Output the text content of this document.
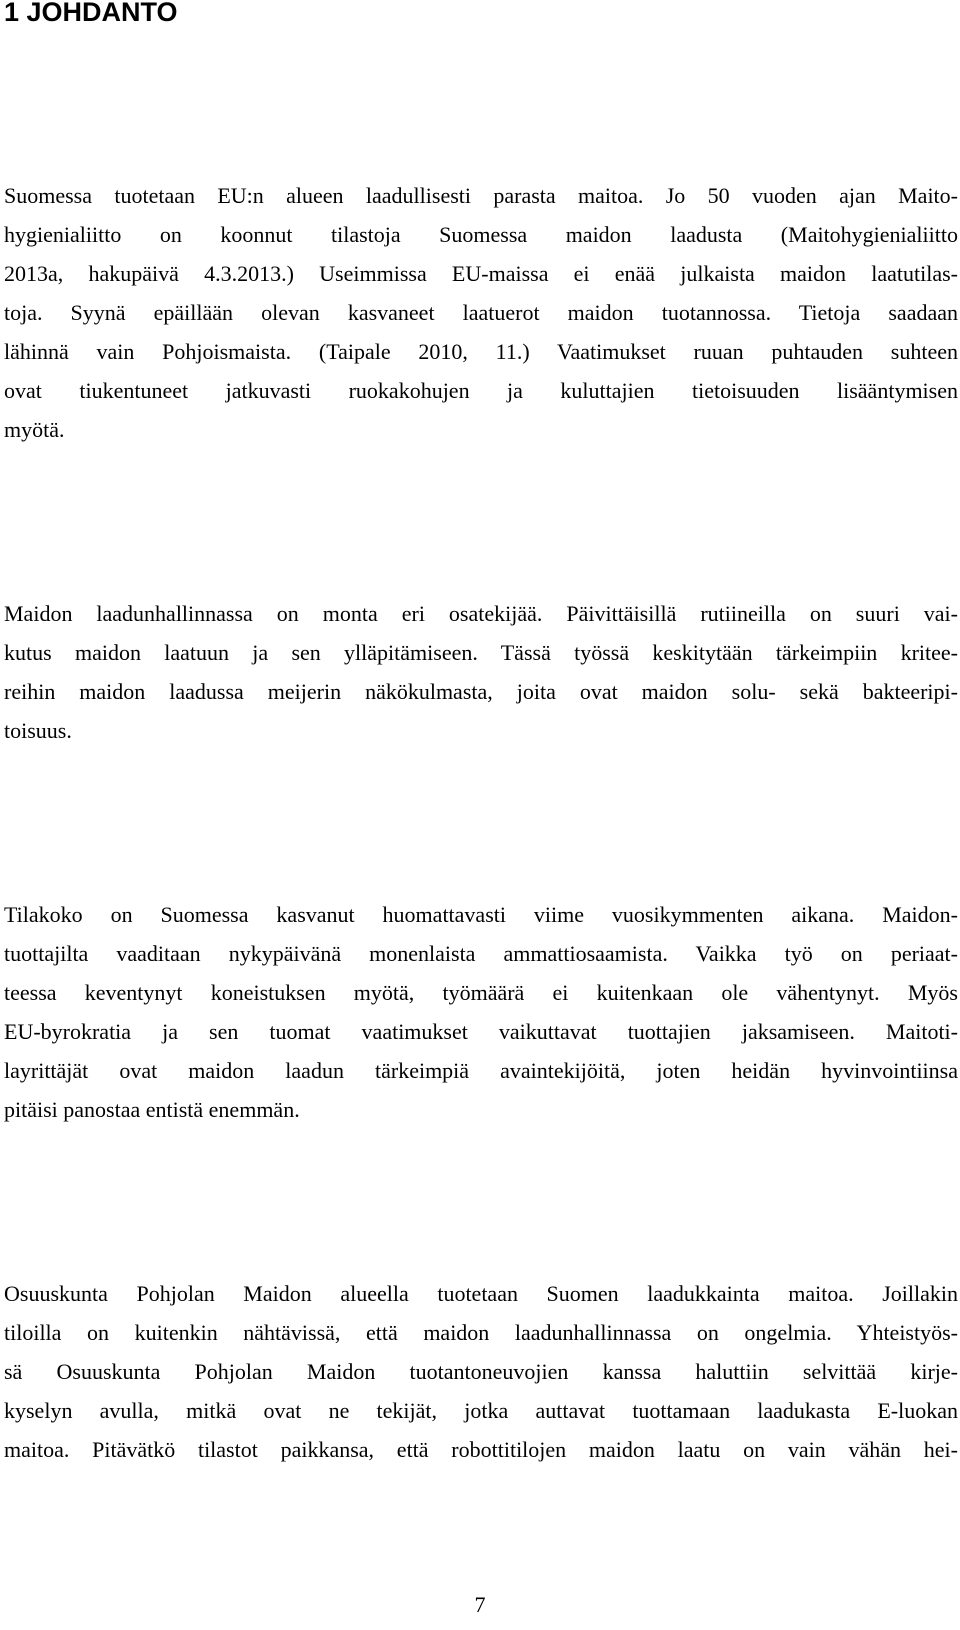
1 JOHDANTO
Suomessa tuotetaan EU:n alueen laadullisesti parasta maitoa. Jo 50 vuoden ajan Maito-
hygienialiitto on koonnut tilastoja Suomessa maidon laadusta (Maitohygienialiitto
2013a, hakupäivä 4.3.2013.) Useimmissa EU-maissa ei enää julkaista maidon laatutilas-
toja. Syynä epäillään olevan kasvaneet laatuerot maidon tuotannossa. Tietoja saadaan
lähinnä vain Pohjoismaista. (Taipale 2010, 11.) Vaatimukset ruuan puhtauden suhteen
ovat tiukentuneet jatkuvasti ruokakohujen ja kuluttajien tietoisuuden lisääntymisen
myötä.
Maidon laadunhallinnassa on monta eri osatekijää. Päivittäisillä rutiineilla on suuri vai-
kutus maidon laatuun ja sen ylläpitämiseen. Tässä työssä keskitytään tärkeimpiin kritee-
reihin maidon laadussa meijerin näkökulmasta, joita ovat maidon solu- sekä bakteeripi-
toisuus.
Tilakoko on Suomessa kasvanut huomattavasti viime vuosikymmenten aikana. Maidon-
tuottajilta vaaditaan nykypäivänä monenlaista ammattiosaamista. Vaikka työ on periaat-
teessa keventynyt koneistuksen myötä, työmäärä ei kuitenkaan ole vähentynyt. Myös
EU-byrokratia ja sen tuomat vaatimukset vaikuttavat tuottajien jaksamiseen. Maitoti-
layrittäjät ovat maidon laadun tärkeimpiä avaintekijöitä, joten heidän hyvinvointiinsa
pitäisi panostaa entistä enemmän.
Osuuskunta Pohjolan Maidon alueella tuotetaan Suomen laadukkainta maitoa. Joillakin
tiloilla on kuitenkin nähtävissä, että maidon laadunhallinnassa on ongelmia. Yhteistyös-
sä Osuuskunta Pohjolan Maidon tuotantoneuvojien kanssa haluttiin selvittää kirje-
kyselyn avulla, mitkä ovat ne tekijät, jotka auttavat tuottamaan laadukasta E-luokan
maitoa. Pitävätkö tilastot paikkansa, että robottitilojen maidon laatu on vain vähän hei-
7
